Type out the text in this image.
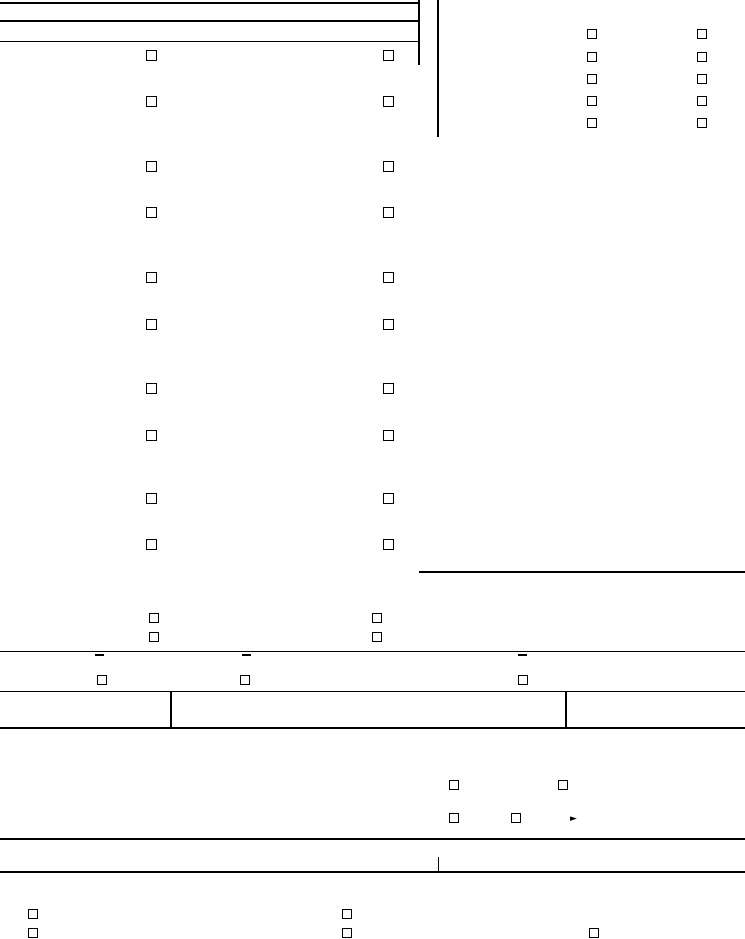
►
